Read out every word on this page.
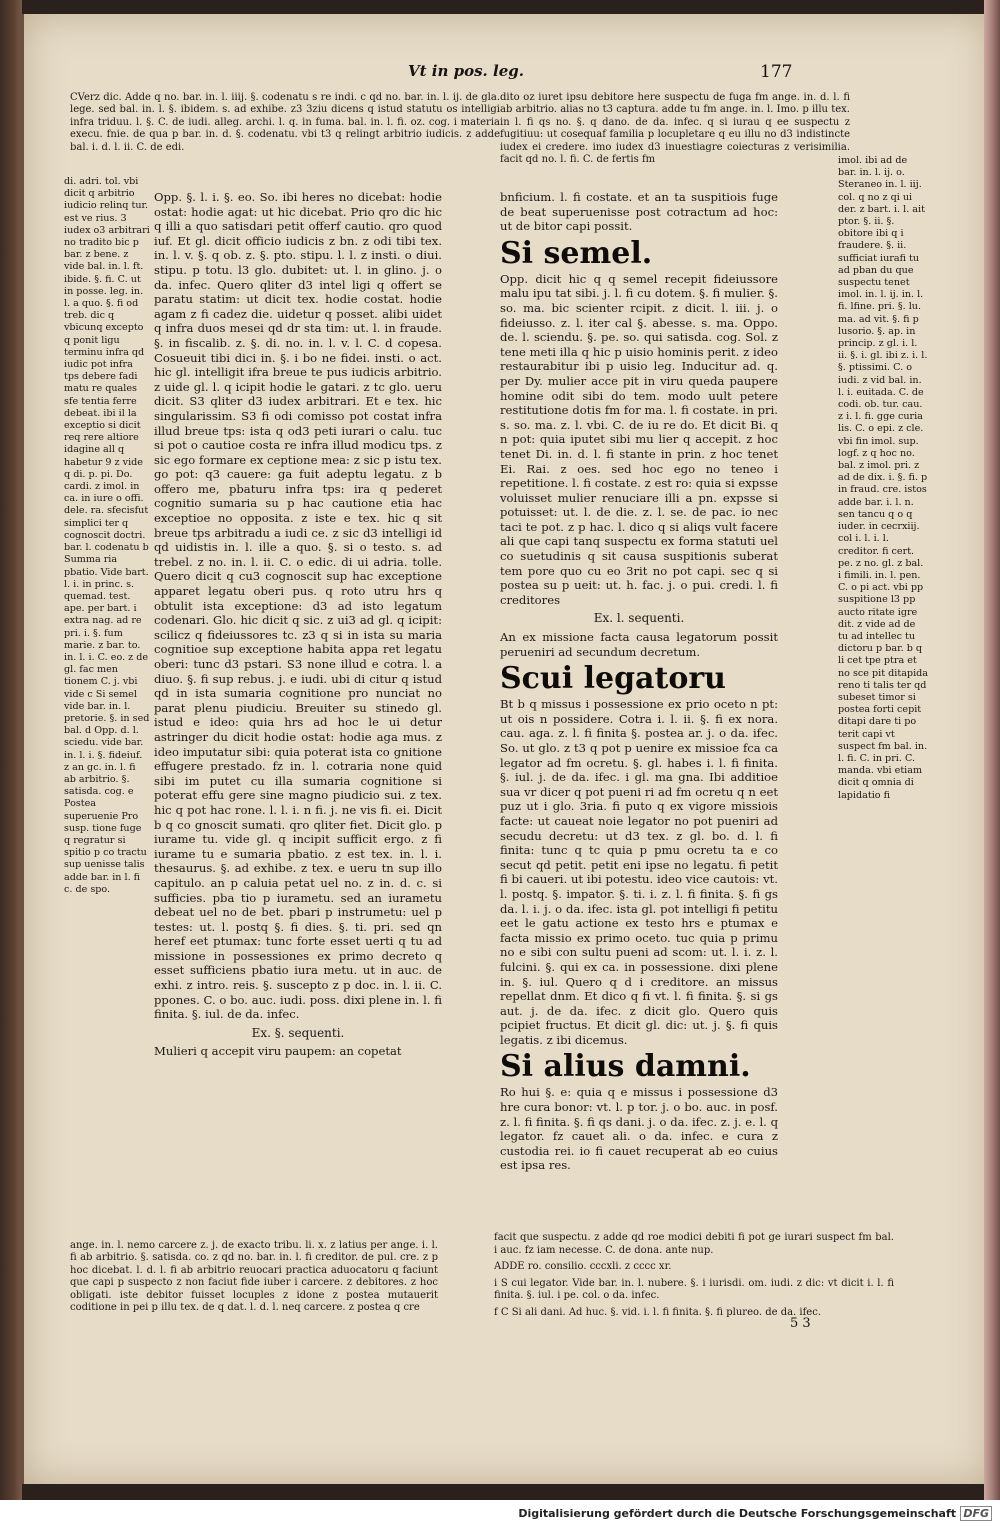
Vt in pos. leg.	177
CVerz dic. Adde q no. bar. in. l. iiij. §. codenatu s re indi. c qd no. bar. in. l. ij. de gla. lege. sed bal. in. l. §. ibidem. s. ad exhibe. z3 3ziu dicens q istud statutu os intelligi infra triduu. l. §. C. de iudi. alleg. archi. l. q. in fuma. bal. in. l. fi. oz. cog. i materia execu. fnie. de qua p bar. in. d. §. codenatu. vbi t3 q relingt arbitrio iudicis. z adde bal. i. d. l. ii. C. de edi.
di. adri. tol. vbi dicit q arbitrio iudicio relinq tur. est ve rius. 3 iudex o3 arbitrari no tradito bic p bar. z bene. z vide bal. in. l. ft. ibide. §. fi. C. ut in posse. leg. in. l. a quo. §. fi od treb. dic q vbicunq excepto q ponit ligu terminu infra qd iudic pot infra tps debere fadi matu re quales sfe tentia ferre debeat. ibi il la exceptio si dicit req rere altiore idagine all q habetur 9 z vide q di. p. pi. Do. cardi. z imol. in ca. in iure o offi. dele. ra. sfecisfut simplici ter q cognoscit doctri. bar. l. codenatu b Summa ria pbatio. Vide bart. l. i. in princ. s. quemad. test. ape. per bart. i extra nag. ad re pri. i. §. fum marie. z bar. to. in. l. i. C. eo. z de gl. fac men tionem C. j. vbi vide c Si semel vide bar. in. l. pretorie. §. in sed bal. d Opp. d. l. sciedu. vide bar. in. l. i. §. fideiuf. z an gc. in. l. fi ab arbitrio. §. satisda. cog. e Postea superuenie Pro susp. tione fuge q regratur si spitio p co tractu sup uenisse talis adde bar. in l. fi c. de spo.

Opp. §. l. i. §. eo. So. ibi heres no dicebat: hodie ostat: hodie agat: ut hic dicebat. Prio qro dic hic q illi a quo satisdari petit offerf cautio. qro quod iuf. Et gl. dicit officio iudicis z bn. z odi tibi tex. in. l. v. §. q ob. z. §. pto. stipu. l. l. z insti. o diui. stipu. p totu. l3 glo. dubitet: ut. l. in glino. j. o da. infec. Quero qliter d3 intel ligi q offert se paratu statim: ut dicit tex. hodie costat. hodie agam z fi cadez die. uidetur q posset. alibi uidet q infra duos mesei qd dr sta tim: ut. l. in fraude. §. in fiscalib. z. §. di. no. in. l. v. l. C. d copesa. Cosueuit tibi dici in. §. i bo ne fidei. insti. o act. hic gl. intelligit ifra breue te pus iudicis arbitrio. z uide gl. l. q icipit hodie le gatari. z tc glo. ueru dicit. S3 qliter d3 iudex arbitrari. Et e tex. hic singularissim. S3 fi odi comisso pot costat infra illud breue tps: ista q od3 peti iurari o calu. tuc si pot o cautioe costa re infra illud modicu tps. z sic ego formare ex ceptione mea: z sic p istu tex. go pot: q3 cauere: ga fuit adeptu legatu. z b offero me, pbaturu infra tps: ira q pederet cognitio sumaria su p hac cautione etia hac exceptioe no opposita. z iste e tex. hic q sit breue tps arbitradu a iudi ce. z sic d3 intelligi id qd uidistis in. l. ille a quo. §. si o testo. s. ad trebel. z no. in. l. ii. C. o edic. di ui adria. tolle. Quero dicit q cu3 cognoscit sup hac exceptione apparet legatu oberi pus. q roto utru hrs q obtulit ista exceptione: d3 ad isto legatum codenari. Glo. hic dicit q sic. z ui3 ad gl. q icipit: scilicz q fideiussores tc. z3 q si in ista su maria cognitioe sup exceptione habita appa ret legatu oberi: tunc d3 pstari. S3 none illud e cotra. l. a diuo. §. fi sup rebus. j. e iudi. ubi di citur q istud qd in ista sumaria cognitione pro nunciat no parat plenu piudiciu. Breuiter su stinedo gl. istud e ideo: quia hrs ad hoc le ui detur astringer du dicit hodie ostat: hodie aga mus. z ideo imputatur sibi: quia poterat ista co gnitione effugere prestado. fz in. l. cotraria none quid sibi im putet cu illa sumaria cognitione si poterat effu gere sine magno piudicio sui. z tex. hic q pot hac rone. l. l. i. n fi. j. ne vis fi. ei. Dicit b q co gnoscit sumati. qro qliter fiet. Dicit glo. p iurame tu. vide gl. q incipit sufficit ergo. z fi iurame tu e sumaria pbatio. z est tex. in. l. i. thesaurus. §. ad exhibe. z tex. e ueru tn sup illo capitulo. an p caluia petat uel no. z in. d. c. si sufficies. pba tio p iurametu. sed an iurametu debeat uel no de bet. pbari p instrumetu: uel p testes: ut. l. postq §. fi dies. §. ti. pri. sed qn heref eet ptumax: tunc forte esset uerti q tu ad missione in possessiones ex primo decreto q esset sufficiens pbatio iura metu. ut in auc. de exhi. z intro. reis. §. suscepto z p doc. in. l. ii. C. ppones. C. o bo. auc. iudi. poss. dixi plene in. l. fi finita. §. iul. de da. infec.

Ex. §. sequenti.

Mulieri q accepit viru paupem: an copetat

ange. in. l. nemo carcere z. j. de exacto tribu. li. x. z latius per ange. i. l. fi ab arbitrio. §. satisda. co. z qd no. bar. in. l. fi creditor. de pul. cre. z p hoc dicebat. l. d. l. fi ab arbitrio reuocari practica aduocatoru q faciunt que capi p suspecto z non faciut fide iuber i carcere. z debitores. z hoc obligati. iste debitor fuisset locuples z idone z postea mutauerit coditione in pei p illu tex. de q dat. l. d. l. neq carcere. z postea q cre
dito oz iuret ipsu debitore here suspectu de fuga fm ange. in. d. l. fi ab arbitrio. alias no t3 captura. adde tu fm ange. in. l. Imo. p illu tex. in l. fi qs no. §. q dano. de da. infec. q si iurau q ee suspectu z fugitiuu: ut cosequaf familia p locupletare q eu illu no d3 indistincte iudex ei credere. imo iudex d3 inuestiagre coiecturas z verisimilia. facit qd no. l. fi. C. de fertis fm

bnficium. l. fi costate. et an ta suspitiois fuge de beat superuenisse post cotractum ad hoc: ut de bitor capi possit.

Si semel.

Opp. dicit hic q q semel recepit fideiussore malu ipu tat sibi. j. l. fi cu dotem. §. fi mulier. §. so. ma. bic scienter rcipit. z dicit. l. iii. j. o fideiusso. z. l. iter cal §. abesse. s. ma. Oppo. de. l. sciendu. §. pe. so. qui satisda. cog. Sol. z tene meti illa q hic p uisio hominis perit. z ideo restaurabitur ibi p uisio leg. Inducitur ad. q. per Dy. mulier acce pit in viru queda paupere homine odit sibi do tem. modo uult petere restitutione dotis fm for ma. l. fi costate. in pri. s. so. ma. z. l. vbi. C. de iu re do. Et dicit Bi. q n pot: quia iputet sibi mu lier q accepit. z hoc tenet Di. in. d. l. fi stante in prin. z hoc tenet Ei. Rai. z oes. sed hoc ego no teneo i repetitione. l. fi costate. z est ro: quia si expsse voluisset mulier renuciare illi a pn. expsse si potuisset: ut. l. de die. z. l. se. de pac. io nec taci te pot. z p hac. l. dico q si aliqs vult facere ali que capi tanq suspectu ex forma statuti uel co suetudinis q sit causa suspitionis suberat tem pore quo cu eo 3rit no pot capi. sec q si postea su p ueit: ut. h. fac. j. o pui. credi. l. fi creditores

Ex. l. sequenti.

An ex missione facta causa legatorum possit perueniri ad secundum decretum.

Scui legatoru

Bt b q missus i possessione ex prio oceto n pt: ut ois n possidere. Cotra i. l. ii. §. fi ex nora. cau. aga. z. l. fi finita §. postea ar. j. o da. ifec. So. ut glo. z t3 q pot p uenire ex missioe fca ca legator ad fm ocretu. §. gl. habes i. l. fi finita. §. iul. j. de da. ifec. i gl. ma gna. Ibi additioe sua vr dicer q pot pueni ri ad fm ocretu q n eet puz ut i glo. 3ria. fi puto q ex vigore missiois facte: ut caueat noie legator no pot pueniri ad secudu decretu: ut d3 tex. z gl. bo. d. l. fi finita: tunc q tc quia p pmu ocretu ta e co secut qd petit. petit eni ipse no legatu. fi petit fi bi caueri. ut ibi potestu. ideo vice cautois: vt. l. postq. §. impator. §. ti. i. z. l. fi finita. §. fi gs da. l. i. j. o da. ifec. ista gl. pot intelligi fi petitu eet le gatu actione ex testo hrs e ptumax e facta missio ex primo oceto. tuc quia p primu no e sibi con sultu pueni ad scom: ut. l. i. z. l. fulcini. §. qui ex ca. in possessione. dixi plene in. §. iul. Quero q d i creditore. an missus repellat dnm. Et dico q fi vt. l. fi finita. §. si gs aut. j. de da. ifec. z dicit glo. Quero quis pcipiet fructus. Et dicit gl. dic: ut. j. §. fi quis legatis. z ibi dicemus.

Si alius damni.

Ro hui §. e: quia q e missus i possessione d3 hre cura bonor: vt. l. p tor. j. o bo. auc. in posf. z. l. fi finita. §. fi qs dani. j. o da. ifec. z. j. e. l. q legator. fz cauet ali. o da. infec. e cura z custodia rei. io fi cauet recuperat ab eo cuius est ipsa res.

imol. ibi ad de bar. in. l. ij. o. Steraneo in. l. iij. col. q no z qi ui der. z bart. i. l. ait ptor. §. ii. §. obitore ibi q i fraudere. §. ii. sufficiat iurafi tu ad pban du que suspectu tenet imol. in. l. ij. in. l. fi. lfine. pri. §. lu. ma. ad vit. §. fi p lusorio. §. ap. in princip. z gl. i. l. ii. §. i. gl. ibi z. i. l. §. ptissimi. C. o iudi. z vid bal. in. l. i. euitada. C. de codi. ob. tur. cau. z i. l. fi. gge curia lis. C. o epi. z cle. vbi fin imol. sup. logf. z q hoc no. bal. z imol. pri. z ad de dix. i. §. fi. p in fraud. cre. istos adde bar. i. l. n. sen tancu q o q iuder. in cecrxiij. col i. l. i. l. creditor. fi cert. pe. z no. gl. z bal. i fimili. in. l. pen. C. o pi act. vbi pp suspitione l3 pp aucto ritate igre dit. z vide ad de tu ad intellec tu dictoru p bar. b q li cet tpe ptra et no sce pit ditapida reno ti talis ter qd subeset timor si postea forti cepit ditapi dare ti po terit capi vt suspect fm bal. in. l. fi. C. in pri. C. manda. vbi etiam dicit q omnia di lapidatio fi

facit que suspectu. z adde qd roe modici debiti fi pot ge iurari suspect fm bal. i auc. fz iam necesse. C. de dona. ante nup.

ADDE ro. consilio. cccxli. z cccc xr.

i S cui legator. Vide bar. in. l. nubere. §. i iurisdi. om. iudi. z dic: vt dicit i. l. fi finita. §. iul. i pe. col. o da. infec.

f C Si ali dani. Ad huc. §. vid. i. l. fi finita. §. fi plureo. de da. ifec.

5 3
Digitalisierung gefördert durch die Deutsche Forschungsgemeinschaft DFG
